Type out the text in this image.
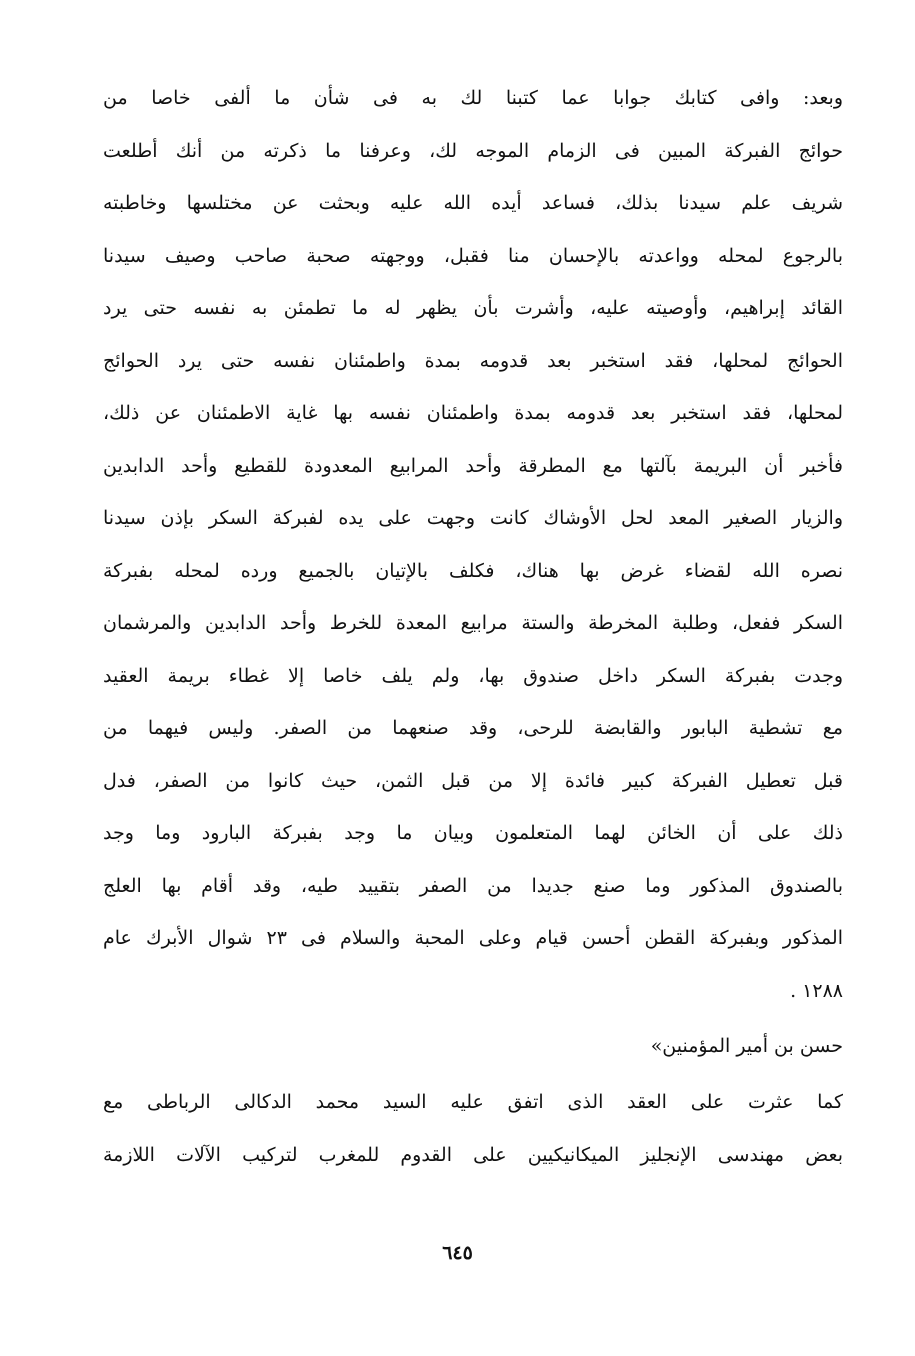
وبعد: وافى كتابك جوابا عما كتبنا لك به فى شأن ما ألفى خاصا من
حوائج الفبركة المبين فى الزمام الموجه لك، وعرفنا ما ذكرته من أنك أطلعت
شريف علم سيدنا بذلك، فساعد أيده الله عليه وبحثت عن مختلسها وخاطبته
بالرجوع لمحله وواعدته بالإحسان منا فقبل، ووجهته صحبة صاحب وصيف سيدنا
القائد إبراهيم، وأوصيته عليه، وأشرت بأن يظهر له ما تطمئن به نفسه حتى يرد
الحوائج لمحلها، فقد استخبر بعد قدومه بمدة واطمئنان نفسه حتى يرد الحوائج
لمحلها، فقد استخبر بعد قدومه بمدة واطمئنان نفسه بها غاية الاطمئنان عن ذلك،
فأخبر أن البريمة بآلتها مع المطرقة وأحد المرابيع المعدودة للقطيع وأحد الدابدين
والزيار الصغير المعد لحل الأوشاك كانت وجهت على يده لفبركة السكر بإذن سيدنا
نصره الله لقضاء غرض بها هناك، فكلف بالإتيان بالجميع ورده لمحله بفبركة
السكر ففعل، وطلبة المخرطة والستة مرابيع المعدة للخرط وأحد الدابدين والمرشمان
وجدت بفبركة السكر داخل صندوق بها، ولم يلف خاصا إلا غطاء بريمة العقيد
مع تشطية البابور والقابضة للرحى، وقد صنعهما من الصفر. وليس فيهما من
قبل تعطيل الفبركة كبير فائدة إلا من قبل الثمن، حيث كانوا من الصفر، فدل
ذلك على أن الخائن لهما المتعلمون وبيان ما وجد بفبركة البارود وما وجد
بالصندوق المذكور وما صنع جديدا من الصفر بتقييد طيه، وقد أقام بها العلج
المذكور وبفبركة القطن أحسن قيام وعلى المحبة والسلام فى ٢٣ شوال الأبرك عام
١٢٨٨ .
حسن بن أمير المؤمنين»
كما عثرت على العقد الذى اتفق عليه السيد محمد الدكالى الرباطى مع
بعض مهندسى الإنجليز الميكانيكيين على القدوم للمغرب لتركيب الآلات اللازمة
٦٤٥
